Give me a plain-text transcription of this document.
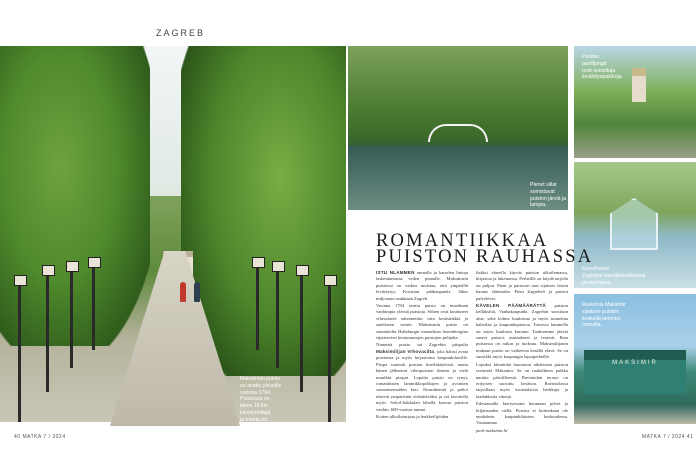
ZAGREB
Maksimirin puisto
on avattu yleisölle
vuonna 1794.
Puistossa on
lähes 18 km
kävelyreittejä
ja monta eri
suuntaa.
Pienet sillat
somistavat
puiston järviä ja
lampia.
Puiston
pavilljongit
ovat suosittuja
levähdyspaikkoja.
Kasvihuone
Zagrebin kasvitieteellisessä
puutarhassa.
MAKSIMIR
Ravintola Maksimir
sijaitsee puiston
keskellä lammen
rannalla.
ROMANTIIKKAA
PUISTON RAUHASSA

ISTU NLAMMEN rannalla ja katselen lintuja laskeutumassa veden pinnalle. Maksimirin puistossa on vaikea muistaa, että ympärillä levittäytyy Kroatian pääkaupunki, lähes miljoonan asukkaan Zagreb.

Vuonna 1794 avattu puisto on maailman vanhimpia yleisiä puistoja. Siihen ovat kuuluneet viheralueet rakennettiin vain kesäsinkkiä ja aateliseen varten. Maksimirin puisto on suunniteltu Habsburgin monarkian luxemburgina sijaitsevien kesäasuntojen puistojen pohjalta.

Nimensä puisto sai Zagrebin piispalta Maksimilijan Vrhovacilta, joka halusi avata puistonsa ja myös kirjastonsa kaupunkilaisille. Piispa sanoutti puiston huvilakäytöstä, mutta hänen jälkeensä viherpuiston ilmeen ja vielä muutkin piispat. Lopulta puisto on rynyt, romanttisten lammikkopolkujen ja avointen suomaisemaiden koti. Nurmikentät ja peltot tekevät ympäristön viehättäväksi ja voi tavoitella myös. Sokol-kukkulan lähellä kasvaa puiston vanhin, 600-vuotias tammi.

Kotien ulkoilutarjoaa ja lenkkeilijöiden

lisäksi alueella käyvät puiston ulkoilemassa, kirjastoa ja lukemassa. Perheillä on käydä tarjolla on paljon. Pieni ja puistoon taas sijaitsee lasten kaunis eläintarha. Pieni Zagrebeli ja puistot palvelevat.

KÄVELEN PÄÄMÄÄRÄTTÄ puiston kelläksiltä, Vanhakaupunki. Zagrebin suosituin alue, sekä kolme kuuluisaa ja myös tunnettua kahvilaa ja kaupunkipuistoa. Toisessa lammella on myös kuuluisa kartano. Taaksemme jäävät suuret puistot, asuinalueet ja terassit. Ilma puistossa on raikas ja tuoksuu. Maksimilijanin mukaan puisto on vaiheessa kesällä elävä. Se on suosikki myös kaupungin lapsiperheille.

Lopuksi kiinnittää huomioni aikalaisen puiston ravintola Maksimir. Se on rauhallinen paikka nauttia päivällisestä. Ravintolan terassi on erityisen suosittu kesäisin. Ravintolassa tarjoillaan myös kroatialaisia herkkuja ja laadukkaita viinejä.

Edestamalle kiertyessäni huomaan pilvet ja hiljaisuuden siellä. Puistoa ei kuitenkaan ole unohdettu kaupunkilaisten keskuudessa. Vastaamme.

park-maksimir.hr

40 MATKA 7 / 2024	MATKA 7 / 2024 41
